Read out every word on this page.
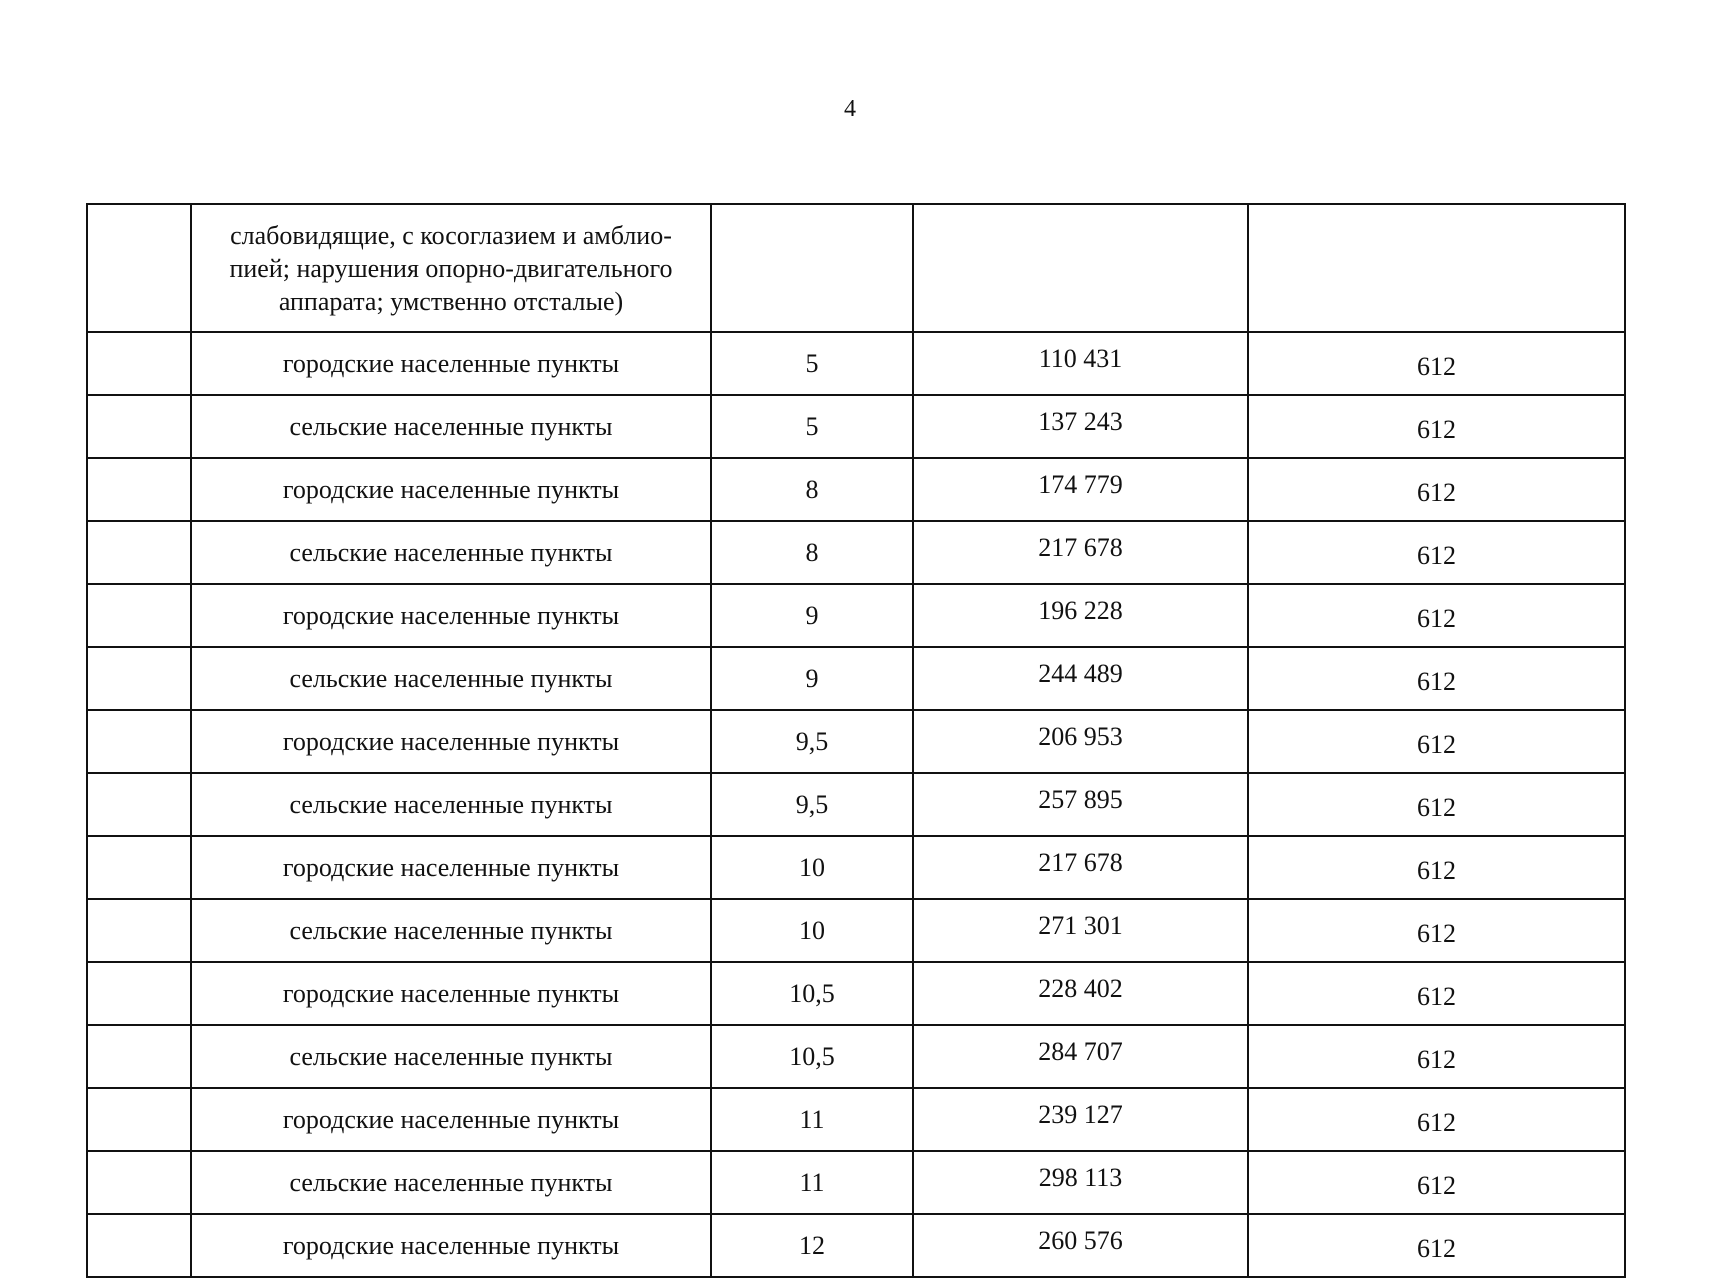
4
	слабовидящие, с косоглазием и амблио-пией; нарушения опорно-двигательного аппарата; умственно отсталые)			
	городские населенные пункты	5	110 431	612
	сельские населенные пункты	5	137 243	612
	городские населенные пункты	8	174 779	612
	сельские населенные пункты	8	217 678	612
	городские населенные пункты	9	196 228	612
	сельские населенные пункты	9	244 489	612
	городские населенные пункты	9,5	206 953	612
	сельские населенные пункты	9,5	257 895	612
	городские населенные пункты	10	217 678	612
	сельские населенные пункты	10	271 301	612
	городские населенные пункты	10,5	228 402	612
	сельские населенные пункты	10,5	284 707	612
	городские населенные пункты	11	239 127	612
	сельские населенные пункты	11	298 113	612
	городские населенные пункты	12	260 576	612
